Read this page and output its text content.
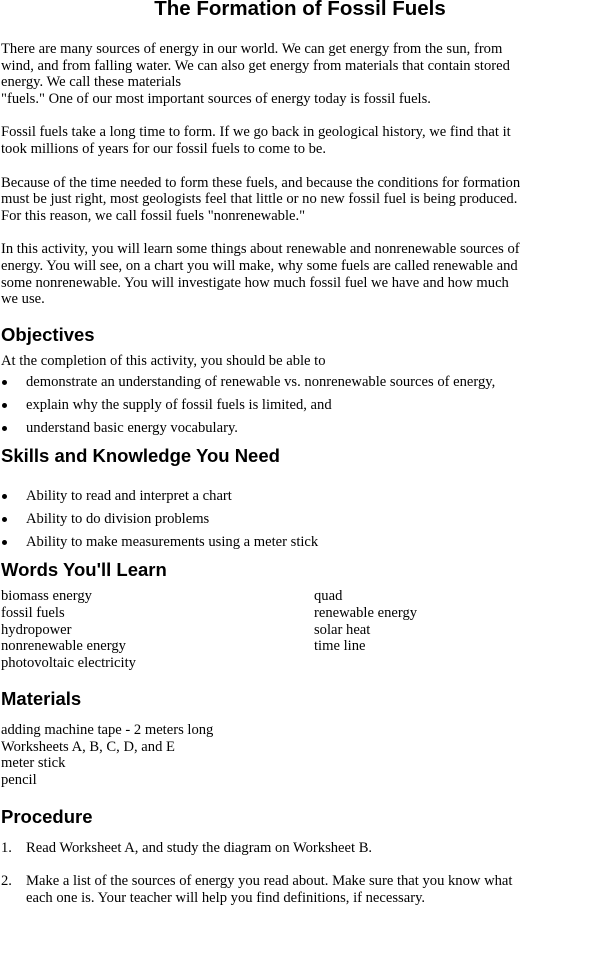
The Formation of Fossil Fuels

There are many sources of energy in our world. We can get energy from the sun, from
wind, and from falling water. We can also get energy from materials that contain stored
energy. We call these materials
"fuels." One of our most important sources of energy today is fossil fuels.

Fossil fuels take a long time to form. If we go back in geological history, we find that it
took millions of years for our fossil fuels to come to be.

Because of the time needed to form these fuels, and because the conditions for formation
must be just right, most geologists feel that little or no new fossil fuel is being produced.
For this reason, we call fossil fuels "nonrenewable."

In this activity, you will learn some things about renewable and nonrenewable sources of
energy. You will see, on a chart you will make, why some fuels are called renewable and
some nonrenewable. You will investigate how much fossil fuel we have and how much
we use.

Objectives

At the completion of this activity, you should be able to

demonstrate an understanding of renewable vs. nonrenewable sources of energy,
explain why the supply of fossil fuels is limited, and
understand basic energy vocabulary.
Skills and Knowledge You Need
Ability to read and interpret a chart
Ability to do division problems
Ability to make measurements using a meter stick
Words You'll Learn
biomass energy
fossil fuels
hydropower
nonrenewable energy
photovoltaic electricity
quad
renewable energy
solar heat
time line
Materials
adding machine tape - 2 meters long
Worksheets A, B, C, D, and E
meter stick
pencil
Procedure
1. Read Worksheet A, and study the diagram on Worksheet B.
2. Make a list of the sources of energy you read about. Make sure that you know what
each one is. Your teacher will help you find definitions, if necessary.
